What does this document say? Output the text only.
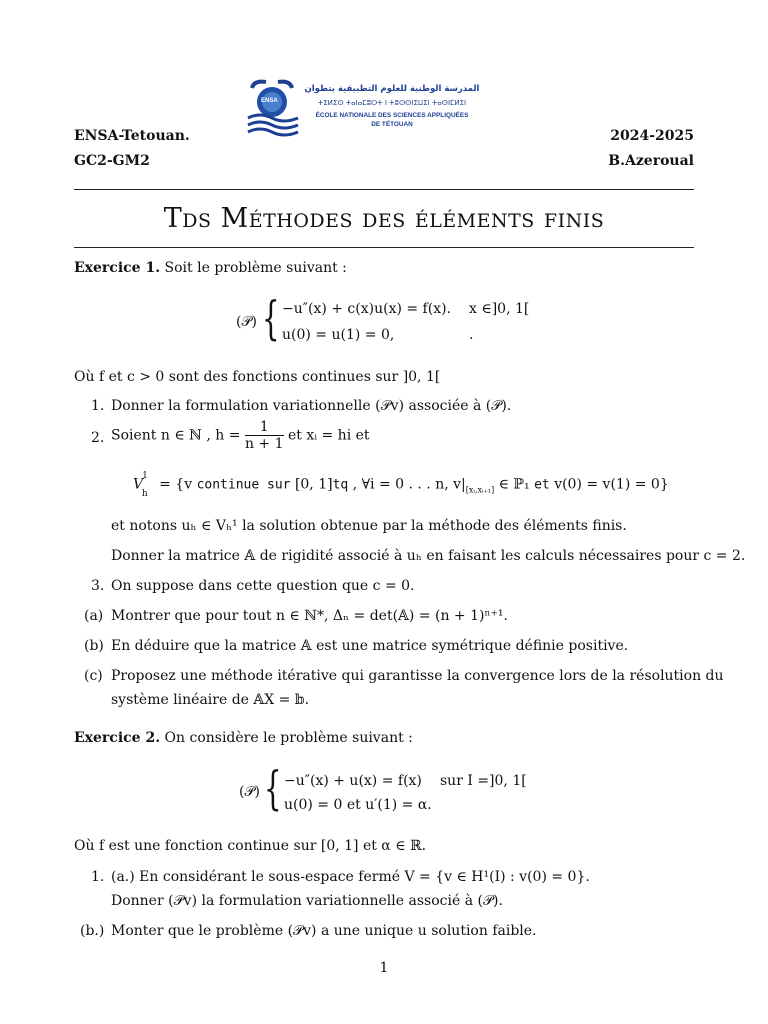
ENSA
المدرسة الوطنية للعلوم التطبيقية بتطوان
ⵜⵉⵍⵉⵙ ⵜⴰⵏⴰⵎⵓⵔⵜ ⵏ ⵜⵓⵙⵙⵏⵉⵡⵉⵏ ⵜⴰⵙⵏⵎⵍⵉⵏ
ÉCOLE NATIONALE DES SCIENCES APPLIQUÉES
DE TÉTOUAN
ENSA-Tetouan.
GC2-GM2
2024-2025
B.Azeroual
Tds Méthodes des éléments finis
Exercice 1. Soit le problème suivant :
(𝒫) { −u″(x) + c(x)u(x) = f(x). x ∈]0, 1[
u(0) = u(1) = 0,	.
Où f et c > 0 sont des fonctions continues sur ]0, 1[
1. Donner la formulation variationnelle (𝒫v) associée à (𝒫).
2. Soient n ∈ ℕ , $h = \frac{1}{n + 1}$ et xᵢ = hi et
$V^1_h = \{v$ continue sur [0, 1]tq , ∀i = 0 . . . n, $v|_{[xᵢ,xᵢ_{+1}]}$ ∈ ℙ₁ et v(0) = v(1) = 0}
et notons uₕ ∈ Vₕ¹ la solution obtenue par la méthode des éléments finis.
Donner la matrice 𝔸 de rigidité associé à uₕ en faisant les calculs nécessaires pour c = 2.
3. On suppose dans cette question que c = 0.
(a) Montrer que pour tout n ∈ ℕ*, Δₙ = det(𝔸) = (n + 1)ⁿ⁺¹.
(b) En déduire que la matrice 𝔸 est une matrice symétrique définie positive.
(c) Proposez une méthode itérative qui garantisse la convergence lors de la résolution du
système linéaire de 𝔸X = 𝕓.
Exercice 2. On considère le problème suivant :
(𝒫) { −u″(x) + u(x) = f(x) sur I =]0, 1[
u(0) = 0 et u′(1) = α.
Où f est une fonction continue sur [0, 1] et α ∈ ℝ.
1. (a.) En considérant le sous-espace fermé V = {v ∈ H¹(I) : v(0) = 0}.
Donner (𝒫v) la formulation variationnelle associé à (𝒫).
(b.) Monter que le problème (𝒫v) a une unique u solution faible.
1
